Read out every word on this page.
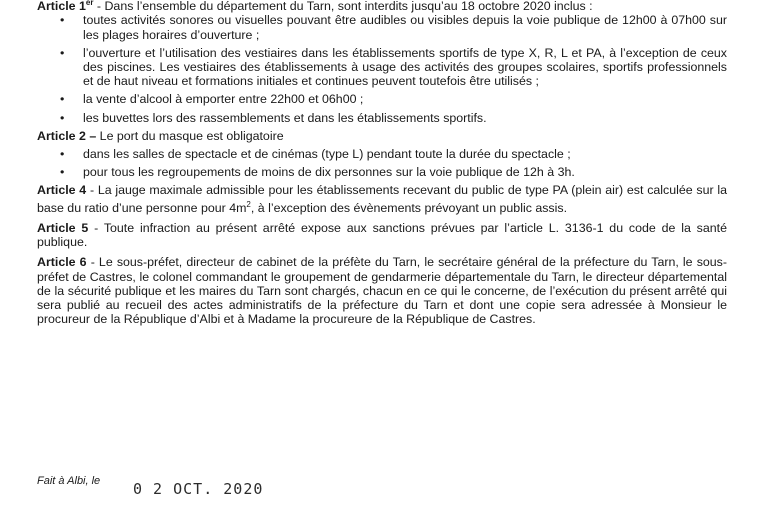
Article 1er - Dans l’ensemble du département du Tarn, sont interdits jusqu’au 18 octobre 2020 inclus :

• toutes activités sonores ou visuelles pouvant être audibles ou visibles depuis la voie publique de 12h00 à 07h00 sur les plages horaires d’ouverture ;
• l’ouverture et l’utilisation des vestiaires dans les établissements sportifs de type X, R, L et PA, à l’exception de ceux des piscines. Les vestiaires des établissements à usage des activités des groupes scolaires, sportifs professionnels et de haut niveau et formations initiales et continues peuvent toutefois être utilisés ;
• la vente d’alcool à emporter entre 22h00 et 06h00 ;
• les buvettes lors des rassemblements et dans les établissements sportifs.

Article 2 – Le port du masque est obligatoire

• dans les salles de spectacle et de cinémas (type L) pendant toute la durée du spectacle ;
• pour tous les regroupements de moins de dix personnes sur la voie publique de 12h à 3h.

Article 4 - La jauge maximale admissible pour les établissements recevant du public de type PA (plein air) est calculée sur la base du ratio d’une personne pour $4m^2$, à l’exception des évènements prévoyant un public assis.

Article 5 - Toute infraction au présent arrêté expose aux sanctions prévues par l’article L. 3136-1 du code de la santé publique.

Article 6 - Le sous-préfet, directeur de cabinet de la préfète du Tarn, le secrétaire général de la préfecture du Tarn, le sous-préfet de Castres, le colonel commandant le groupement de gendarmerie départementale du Tarn, le directeur départemental de la sécurité publique et les maires du Tarn sont chargés, chacun en ce qui le concerne, de l’exécution du présent arrêté qui sera publié au recueil des actes administratifs de la préfecture du Tarn et dont une copie sera adressée à Monsieur le procureur de la République d’Albi et à Madame la procureure de la République de Castres.

Fait à Albi, le 0 2 OCT. 2020
